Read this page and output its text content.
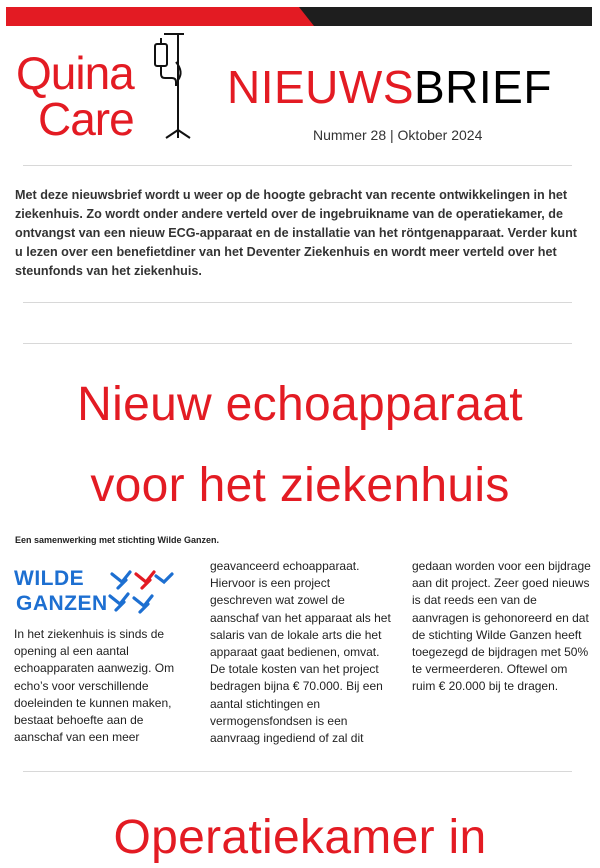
Quina
Care
NIEUWSBRIEF
Nummer 28 | Oktober 2024

Met deze nieuwsbrief wordt u weer op de hoogte gebracht van recente ontwikkelingen in het ziekenhuis. Zo wordt onder andere verteld over de ingebruikname van de operatiekamer, de ontvangst van een nieuw ECG-apparaat en de installatie van het röntgenapparaat. Verder kunt u lezen over een benefietdiner van het Deventer Ziekenhuis en wordt meer verteld over het steunfonds van het ziekenhuis.

Nieuw echoapparaat
voor het ziekenhuis
Een samenwerking met stichting Wilde Ganzen.
WILDE
GANZEN

In het ziekenhuis is sinds de opening al een aantal echoapparaten aanwezig. Om echo’s voor verschillende doeleinden te kunnen maken, bestaat behoefte aan de aanschaf van een meer

geavanceerd echoapparaat. Hiervoor is een project geschreven wat zowel de aanschaf van het apparaat als het salaris van de lokale arts die het apparaat gaat bedienen, omvat. De totale kosten van het project bedragen bijna € 70.000. Bij een aantal stichtingen en vermogensfondsen is een aanvraag ingediend of zal dit

gedaan worden voor een bijdrage aan dit project. Zeer goed nieuws is dat reeds een van de aanvragen is gehonoreerd en dat de stichting Wilde Ganzen heeft toegezegd de bijdragen met 50% te vermeerderen. Oftewel om ruim € 20.000 bij te dragen.

Operatiekamer in
